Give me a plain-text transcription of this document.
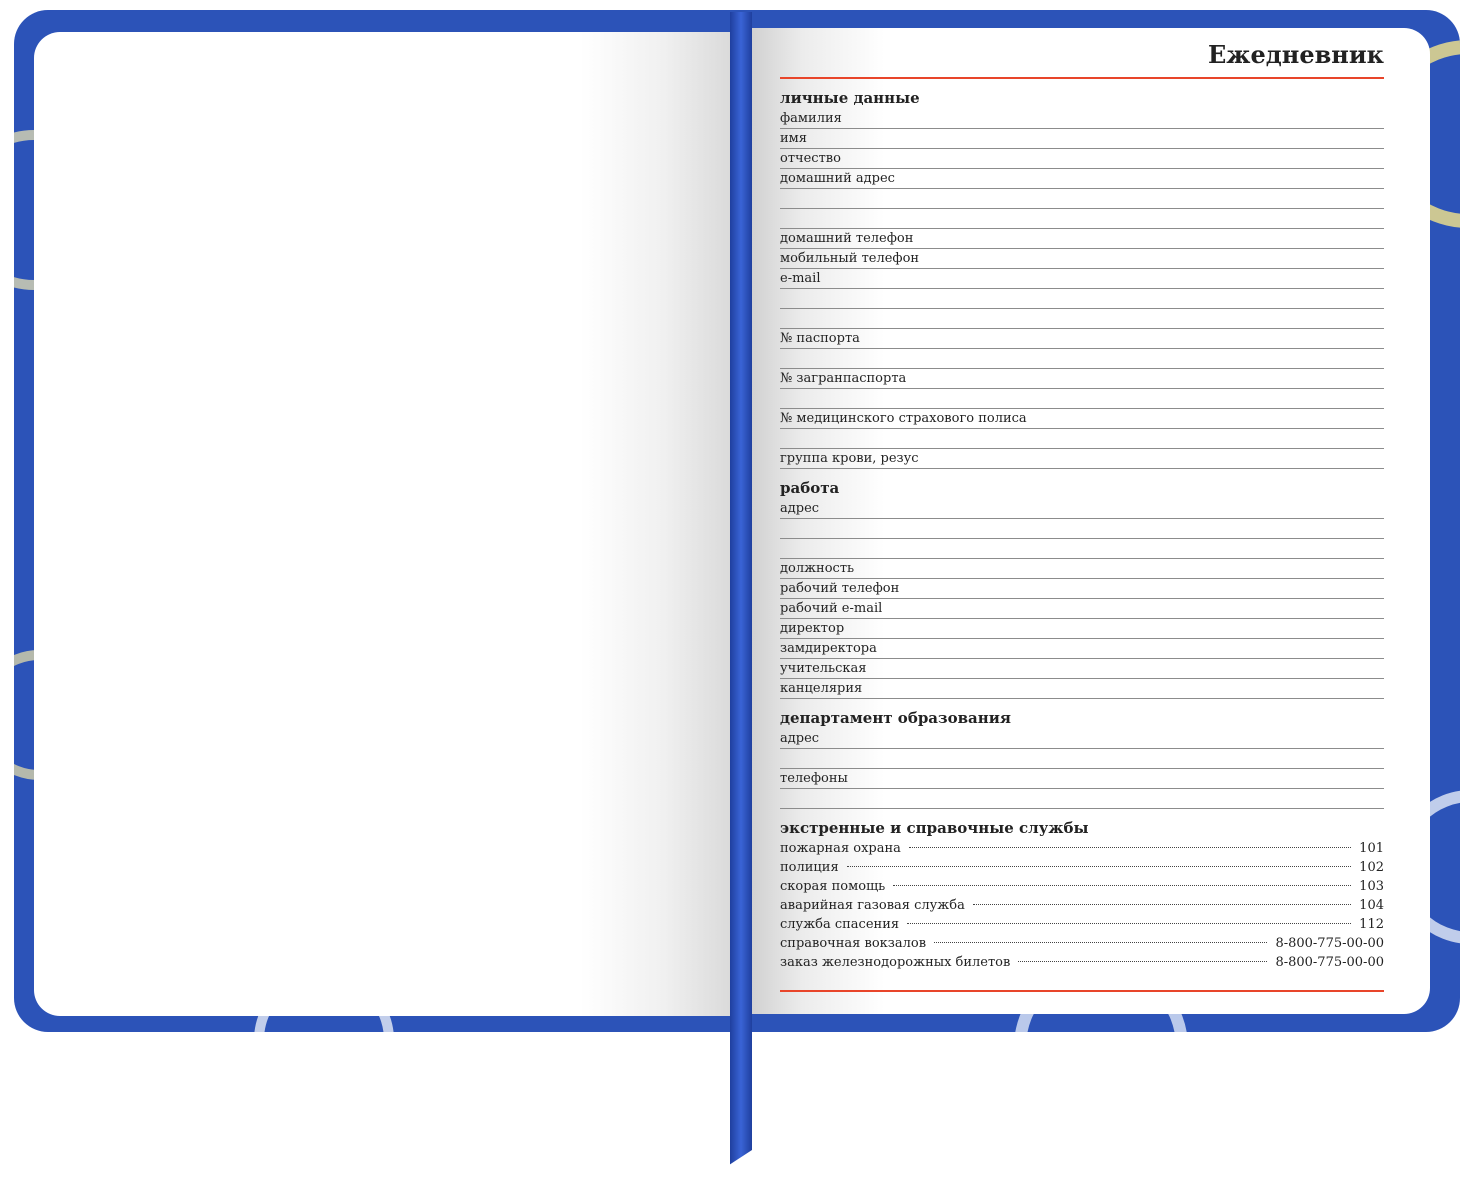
Ежедневник
личные данные
фамилия
имя
отчество
домашний адрес
домашний телефон
мобильный телефон
e-mail
№ паспорта
№ загранпаспорта
№ медицинского страхового полиса
группа крови, резус
работа
адрес
должность
рабочий телефон
рабочий e-mail
директор
замдиректора
учительская
канцелярия
департамент образования
адрес
телефоны
экстренные и справочные службы
пожарная охрана	101
полиция	102
скорая помощь	103
аварийная газовая служба	104
служба спасения	112
справочная вокзалов	8-800-775-00-00
заказ железнодорожных билетов	8-800-775-00-00
